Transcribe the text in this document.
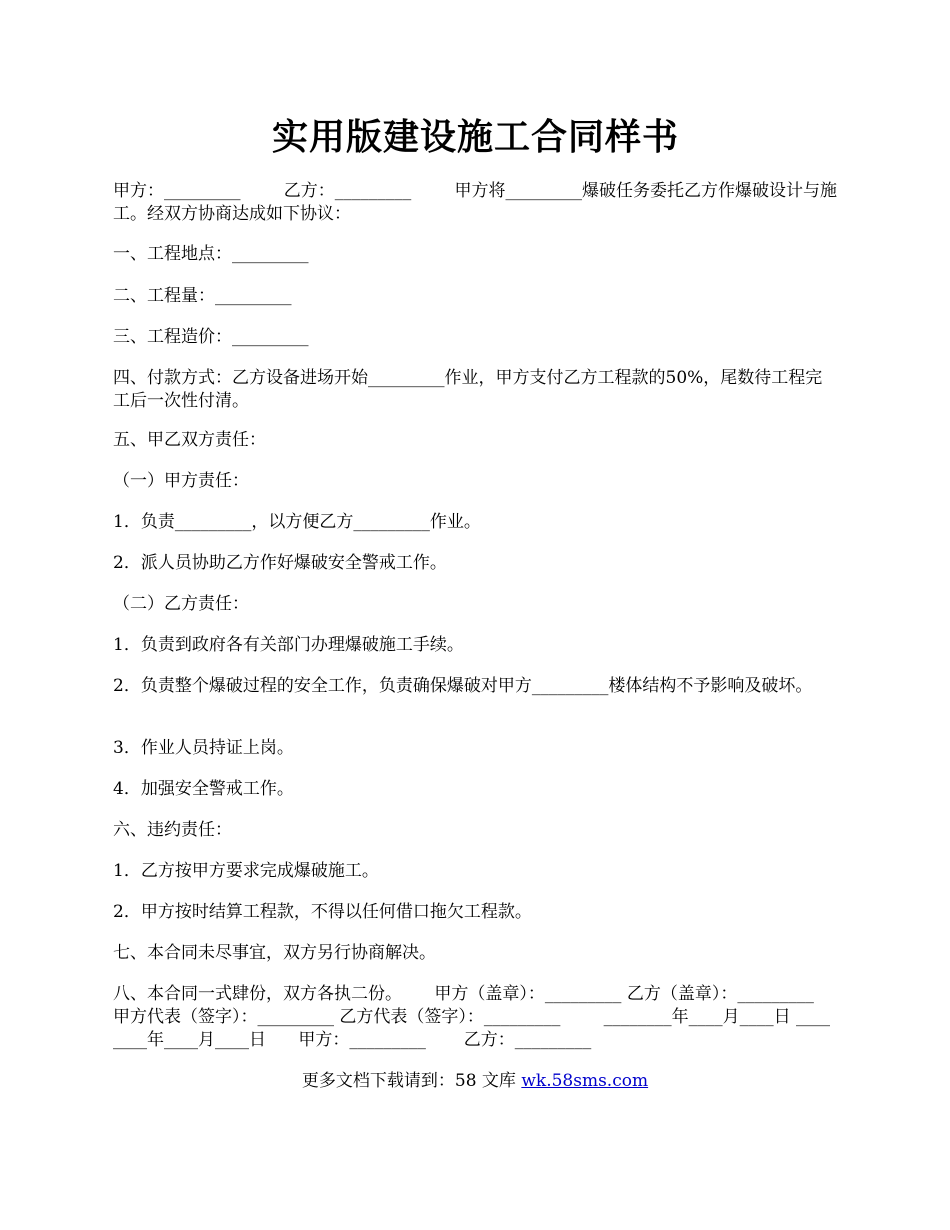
实用版建设施工合同样书
甲方：_________        乙方：_________        甲方将_________爆破任务委托乙方作爆破设计与施工。经双方协商达成如下协议：
一、工程地点：_________
二、工程量：_________
三、工程造价：_________
四、付款方式：乙方设备进场开始_________作业，甲方支付乙方工程款的50%，尾数待工程完工后一次性付清。
五、甲乙双方责任：
（一）甲方责任：
1．负责_________，以方便乙方_________作业。
2．派人员协助乙方作好爆破安全警戒工作。
（二）乙方责任：
1．负责到政府各有关部门办理爆破施工手续。
2．负责整个爆破过程的安全工作，负责确保爆破对甲方_________楼体结构不予影响及破坏。
3．作业人员持证上岗。
4．加强安全警戒工作。
六、违约责任：
1．乙方按甲方要求完成爆破施工。
2．甲方按时结算工程款，不得以任何借口拖欠工程款。
七、本合同未尽事宜，双方另行协商解决。
八、本合同一式肆份，双方各执二份。      甲方（盖章）：_________ 乙方（盖章）：_________        甲方代表（签字）：_________ 乙方代表（签字）：_________        ________年____月____日 ________年____月____日      甲方：_________       乙方：_________
更多文档下载请到：58 文库 wk.58sms.com
